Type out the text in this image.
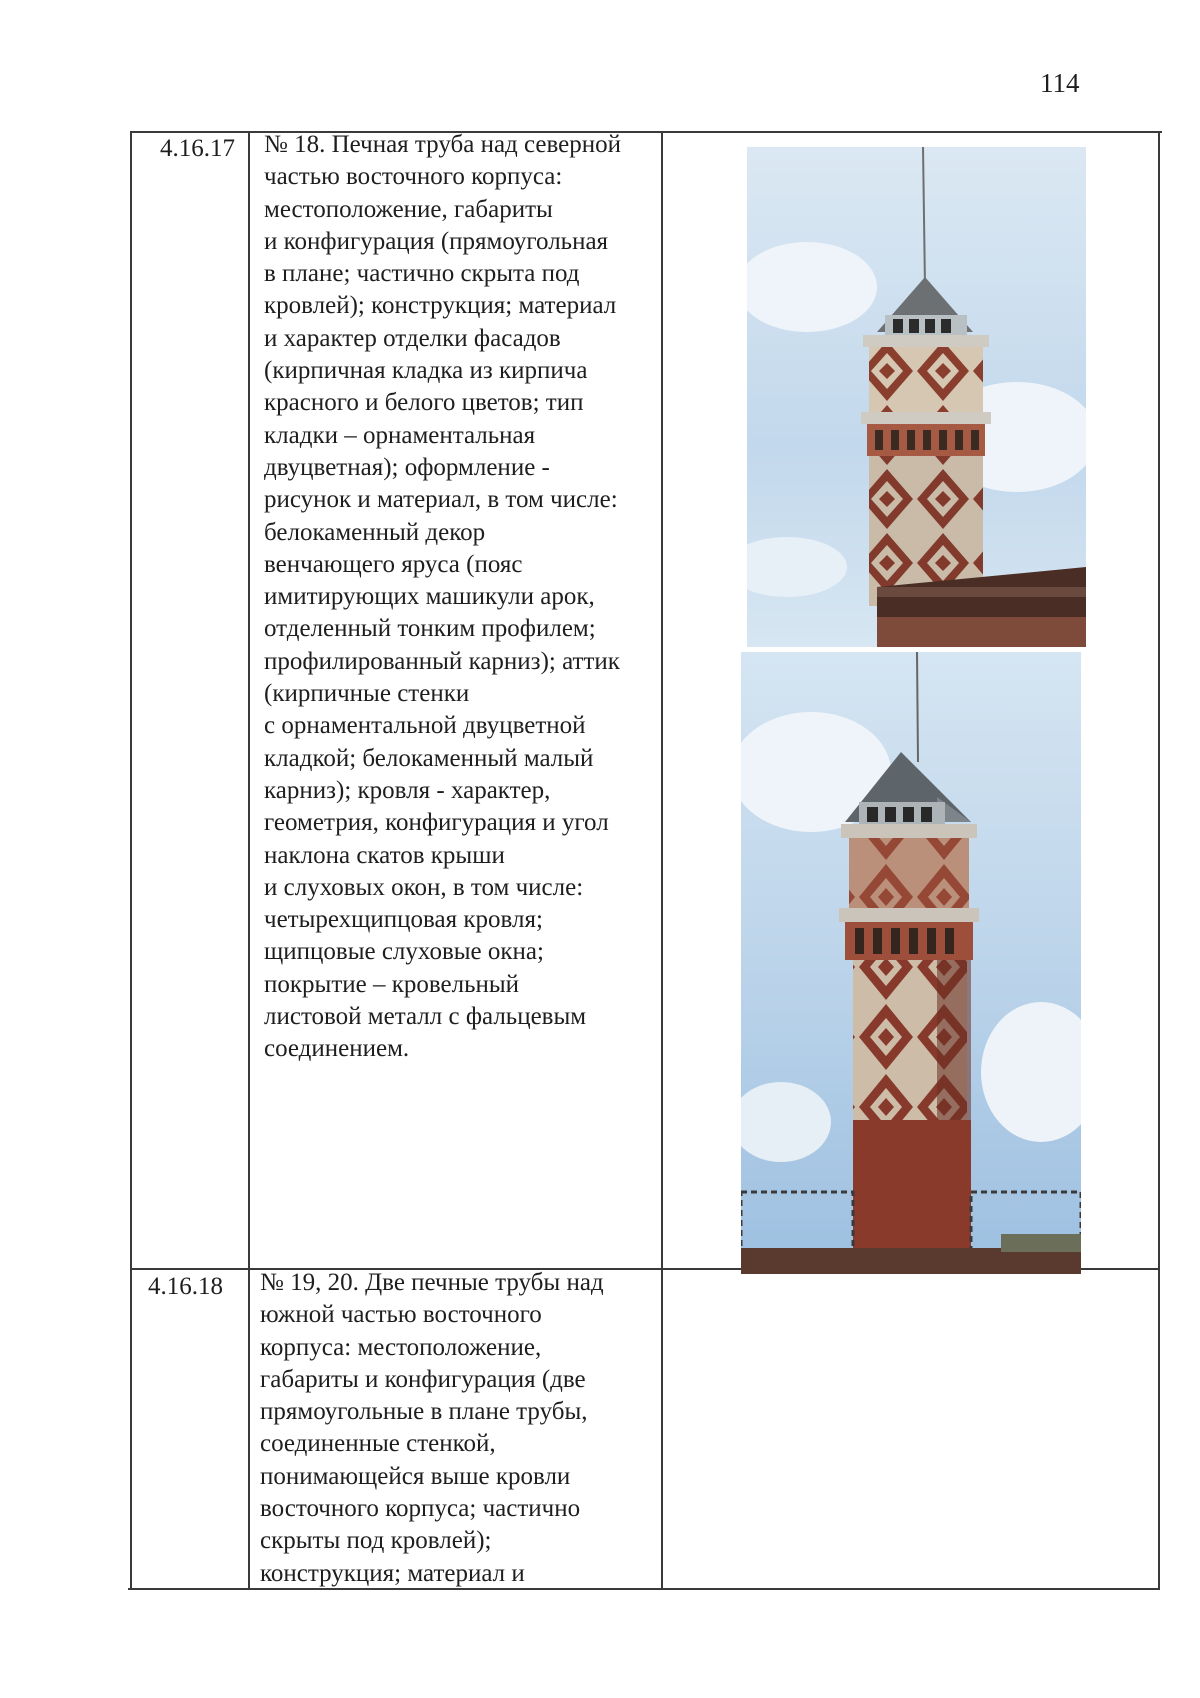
114
4.16.17 № 18. Печная труба над северной
частью восточного корпуса:
местоположение, габариты
и конфигурация (прямоугольная
в плане; частично скрыта под
кровлей); конструкция; материал
и характер отделки фасадов
(кирпичная кладка из кирпича
красного и белого цветов; тип
кладки – орнаментальная
двуцветная); оформление -
рисунок и материал, в том числе:
белокаменный декор
венчающего яруса (пояс
имитирующих машикули арок,
отделенный тонким профилем;
профилированный карниз); аттик
(кирпичные стенки
с орнаментальной двуцветной
кладкой; белокаменный малый
карниз); кровля - характер,
геометрия, конфигурация и угол
наклона скатов крыши
и слуховых окон, в том числе:
четырехщипцовая кровля;
щипцовые слуховые окна;
покрытие – кровельный
листовой металл с фальцевым
соединением.
4.16.18 № 19, 20. Две печные трубы над
южной частью восточного
корпуса: местоположение,
габариты и конфигурация (две
прямоугольные в плане трубы,
соединенные стенкой,
понимающейся выше кровли
восточного корпуса; частично
скрыты под кровлей);
конструкция; материал и
